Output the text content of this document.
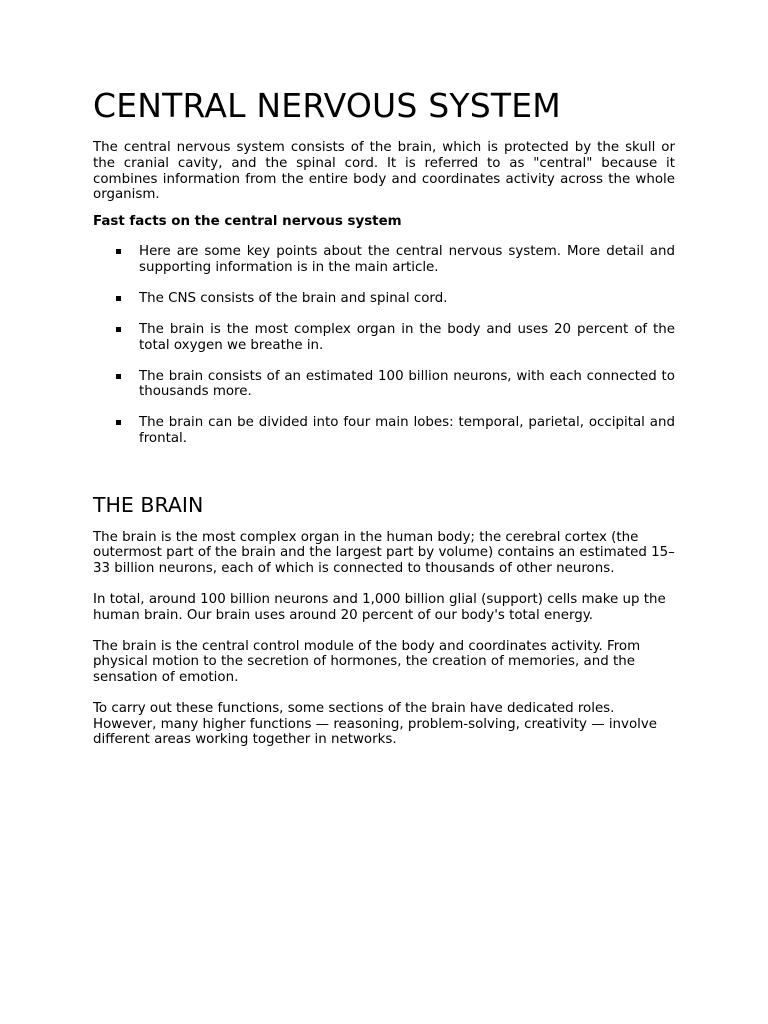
CENTRAL NERVOUS SYSTEM

The central nervous system consists of the brain, which is protected by the skull or the cranial cavity, and the spinal cord. It is referred to as "central" because it combines information from the entire body and coordinates activity across the whole organism.

Fast facts on the central nervous system

Here are some key points about the central nervous system. More detail and supporting information is in the main article.
The CNS consists of the brain and spinal cord.
The brain is the most complex organ in the body and uses 20 percent of the total oxygen we breathe in.
The brain consists of an estimated 100 billion neurons, with each connected to thousands more.
The brain can be divided into four main lobes: temporal, parietal, occipital and frontal.
THE BRAIN

The brain is the most complex organ in the human body; the cerebral cortex (the outermost part of the brain and the largest part by volume) contains an estimated 15–33 billion neurons, each of which is connected to thousands of other neurons.

In total, around 100 billion neurons and 1,000 billion glial (support) cells make up the human brain. Our brain uses around 20 percent of our body's total energy.

The brain is the central control module of the body and coordinates activity. From physical motion to the secretion of hormones, the creation of memories, and the sensation of emotion.

To carry out these functions, some sections of the brain have dedicated roles. However, many higher functions — reasoning, problem-solving, creativity — involve different areas working together in networks.
